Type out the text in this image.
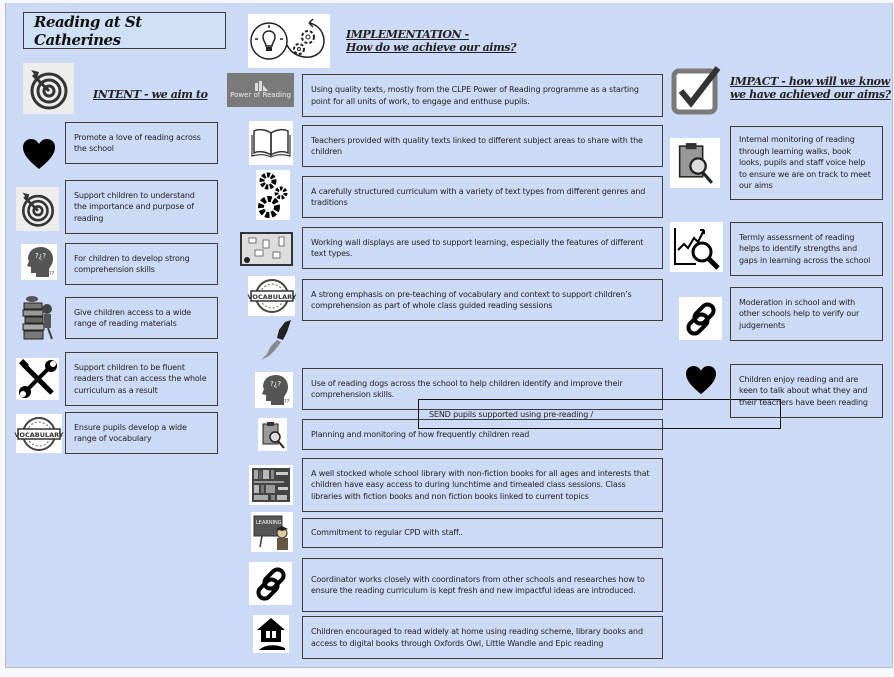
Reading at St Catherines
INTENT - we aim to
Promote a love of reading across the school
Support children to understand the importance and purpose of reading
?¿?
??
For children to develop strong comprehension skills
Give children access to a wide range of reading materials
Support children to be fluent readers that can access the whole curriculum as a result
VOCABULARY
Ensure pupils develop a wide range of vocabulary
IMPLEMENTATION -
How do we achieve our aims?
Power of Reading
Using quality texts, mostly from the CLPE Power of Reading programme as a starting point for all units of work, to engage and enthuse pupils.
Teachers provided with quality texts linked to different subject areas to share with the children
A carefully structured curriculum with a variety of text types from different genres and traditions
Working wall displays are used to support learning, especially the features of different text types.
VOCABULARY A strong emphasis on pre-teaching of vocabulary and context to support children’s comprehension as part of whole class guided reading sessions
?¿?
??
Use of reading dogs across the school to help children identify and improve their comprehension skills.
Planning and monitoring of how frequently children read
SEND pupils supported using pre-reading /
A well stocked whole school library with non-fiction books for all ages and interests that children have easy access to during lunchtime and timealed class sessions. Class libraries with fiction books and non fiction books linked to current topics
LEARNING
Commitment to regular CPD with staff..
Coordinator works closely with coordinators from other schools and researches how to ensure the reading curriculum is kept fresh and new impactful ideas are introduced.
Children encouraged to read widely at home using reading scheme, library books and access to digital books through Oxfords Owl, Little Wandle and Epic reading
IMPACT - how will we know
we have achieved our aims?
Internal monitoring of reading through learning walks, book looks, pupils and staff voice help to ensure we are on track to meet our aims
Termly assessment of reading helps to identify strengths and gaps in learning across the school
Moderation in school and with other schools help to verify our judgements
Children enjoy reading and are keen to talk about what they and their teachers have been reading
